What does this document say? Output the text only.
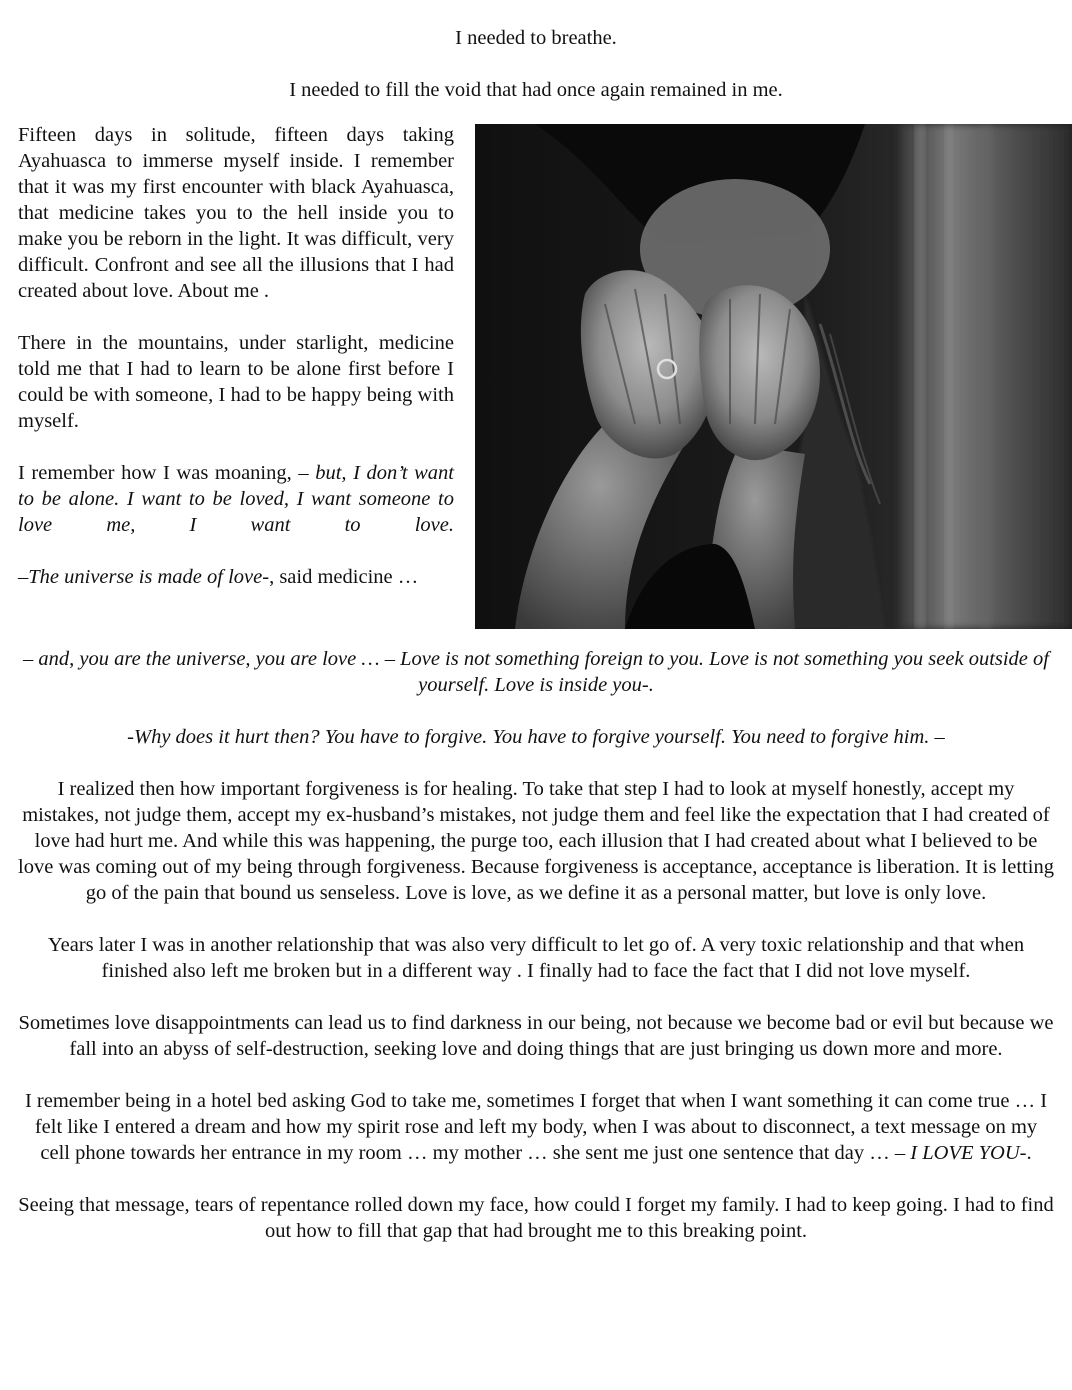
I needed to breathe.

I needed to fill the void that had once again remained in me.

Fifteen days in solitude, fifteen days taking Ayahuasca to immerse myself inside. I remember that it was my first encounter with black Ayahuasca, that medicine takes you to the hell inside you to make you be reborn in the light. It was difficult, very difficult. Confront and see all the illusions that I had created about love. About me .

There in the mountains, under starlight, medicine told me that I had to learn to be alone first before I could be with someone, I had to be happy being with myself.

I remember how I was moaning, – but, I don’t want to be alone. I want to be loved, I want someone to love me, I want to love.

–The universe is made of love-, said medicine …

– and, you are the universe, you are love … – Love is not something foreign to you. Love is not something you seek outside of yourself. Love is inside you-.

-Why does it hurt then? You have to forgive. You have to forgive yourself. You need to forgive him. –

I realized then how important forgiveness is for healing. To take that step I had to look at myself honestly, accept my mistakes, not judge them, accept my ex-husband’s mistakes, not judge them and feel like the expectation that I had created of love had hurt me. And while this was happening, the purge too, each illusion that I had created about what I believed to be love was coming out of my being through forgiveness. Because forgiveness is acceptance, acceptance is liberation. It is letting go of the pain that bound us senseless. Love is love, as we define it as a personal matter, but love is only love.

Years later I was in another relationship that was also very difficult to let go of. A very toxic relationship and that when finished also left me broken but in a different way . I finally had to face the fact that I did not love myself.

Sometimes love disappointments can lead us to find darkness in our being, not because we become bad or evil but because we fall into an abyss of self-destruction, seeking love and doing things that are just bringing us down more and more.

I remember being in a hotel bed asking God to take me, sometimes I forget that when I want something it can come true … I felt like I entered a dream and how my spirit rose and left my body, when I was about to disconnect, a text message on my cell phone towards her entrance in my room … my mother … she sent me just one sentence that day … – I LOVE YOU-.

Seeing that message, tears of repentance rolled down my face, how could I forget my family. I had to keep going. I had to find out how to fill that gap that had brought me to this breaking point.
